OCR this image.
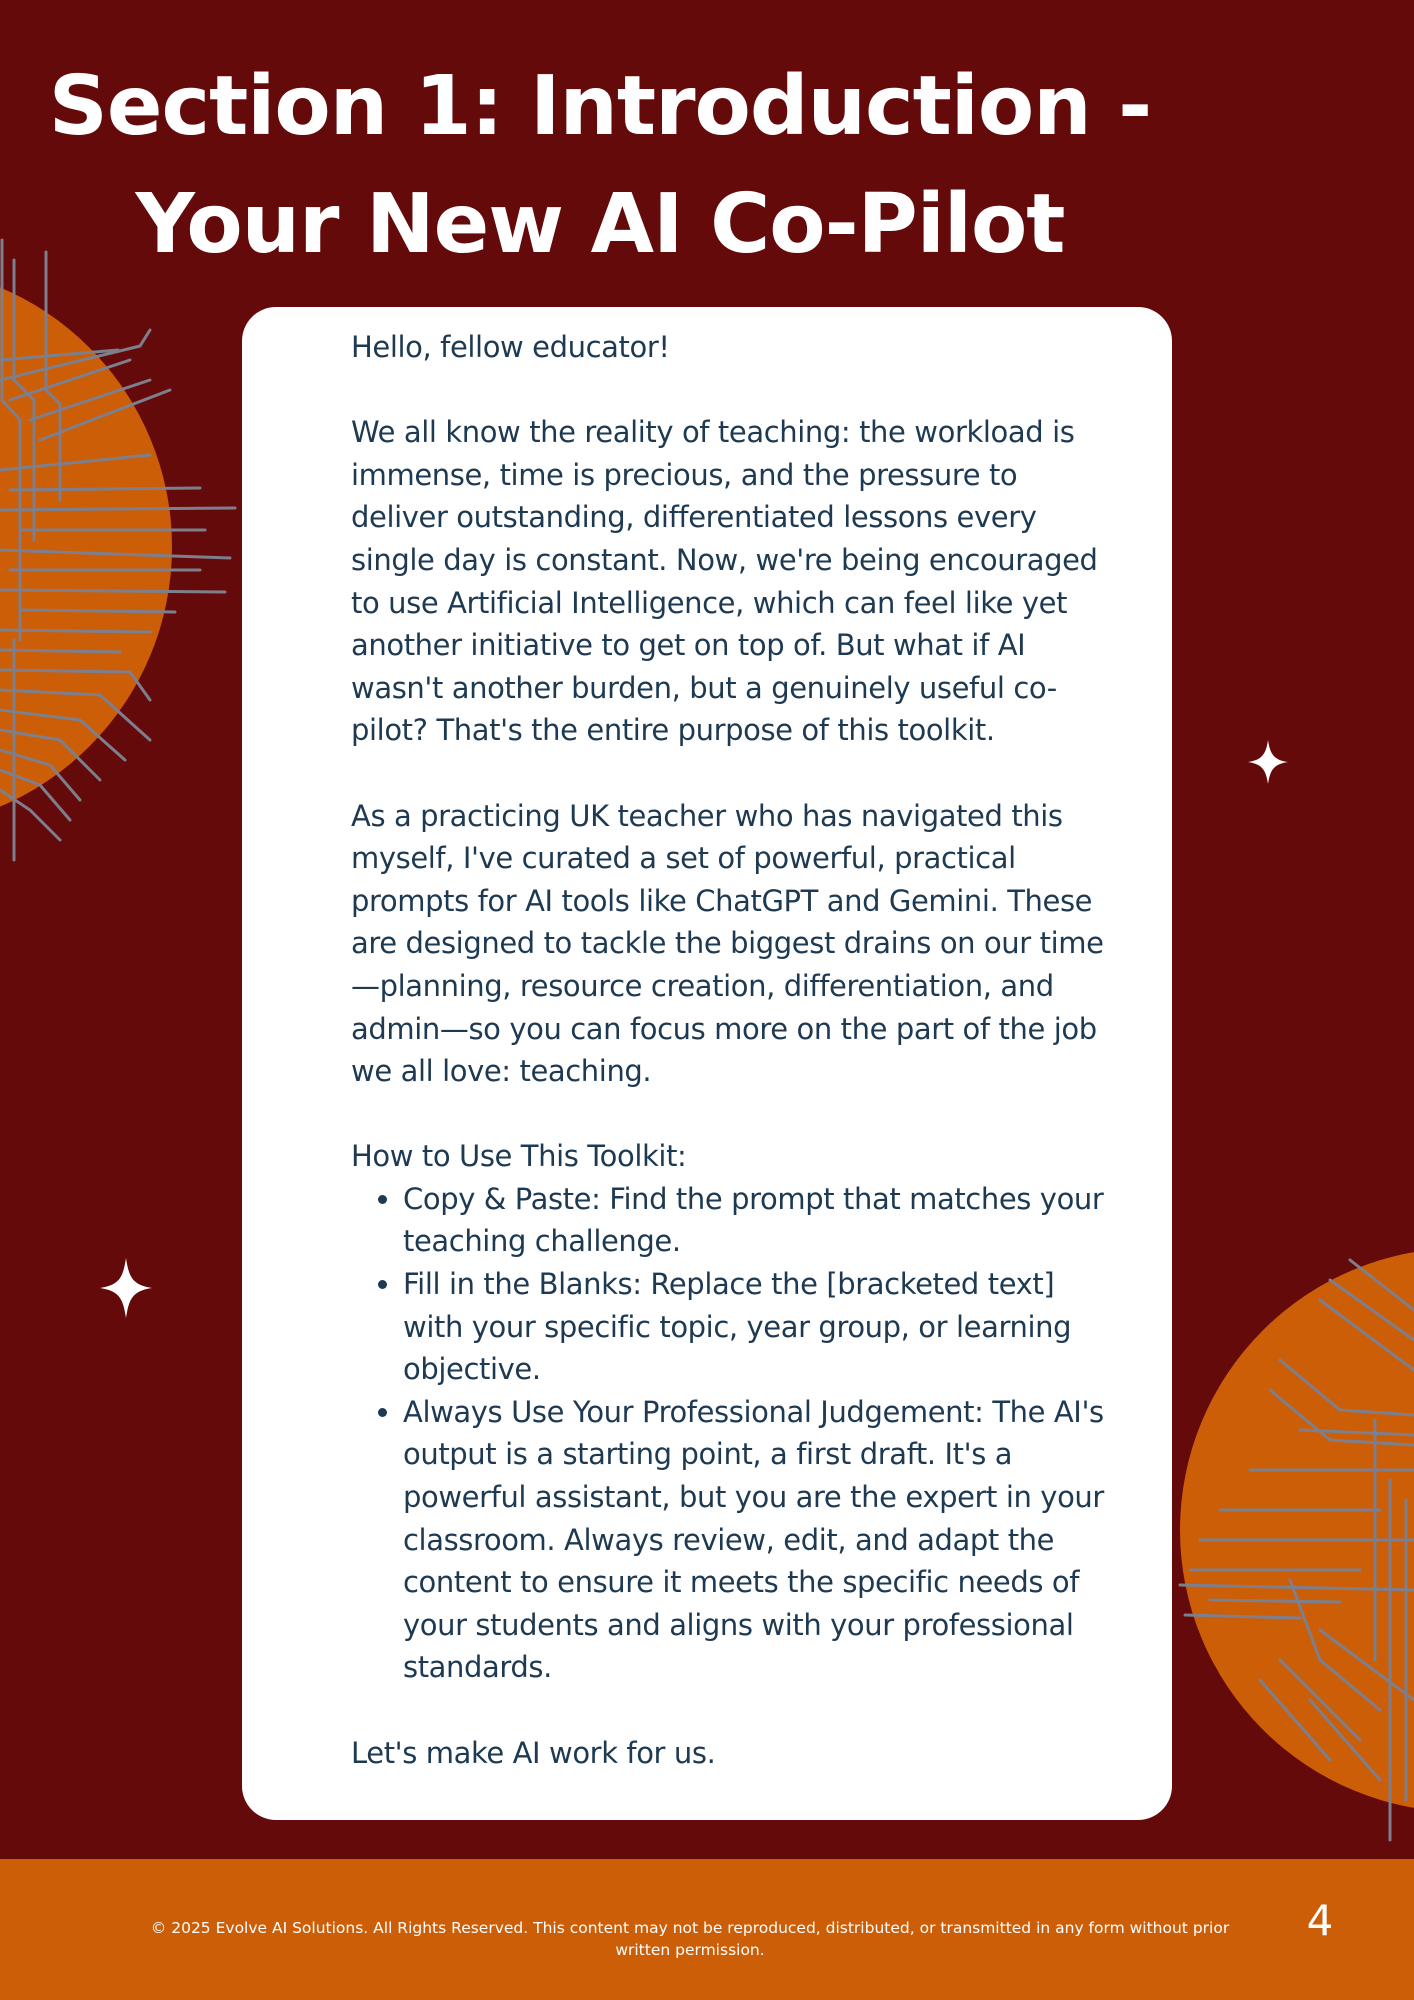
Section 1: Introduction -
Your New AI Co-Pilot

Hello, fellow educator!

We all know the reality of teaching: the workload is immense, time is precious, and the pressure to deliver outstanding, differentiated lessons every single day is constant. Now, we're being encouraged to use Artificial Intelligence, which can feel like yet another initiative to get on top of. But what if AI wasn't another burden, but a genuinely useful co-pilot? That's the entire purpose of this toolkit.

As a practicing UK teacher who has navigated this myself, I've curated a set of powerful, practical prompts for AI tools like ChatGPT and Gemini. These are designed to tackle the biggest drains on our time—planning, resource creation, differentiation, and admin—so you can focus more on the part of the job we all love: teaching.

How to Use This Toolkit:

• Copy & Paste: Find the prompt that matches your teaching challenge.
• Fill in the Blanks: Replace the [bracketed text] with your specific topic, year group, or learning objective.
• Always Use Your Professional Judgement: The AI's output is a starting point, a first draft. It's a powerful assistant, but you are the expert in your classroom. Always review, edit, and adapt the content to ensure it meets the specific needs of your students and aligns with your professional standards.

Let's make AI work for us.

© 2025 Evolve AI Solutions. All Rights Reserved. This content may not be reproduced, distributed, or transmitted in any form without prior written permission.
4
